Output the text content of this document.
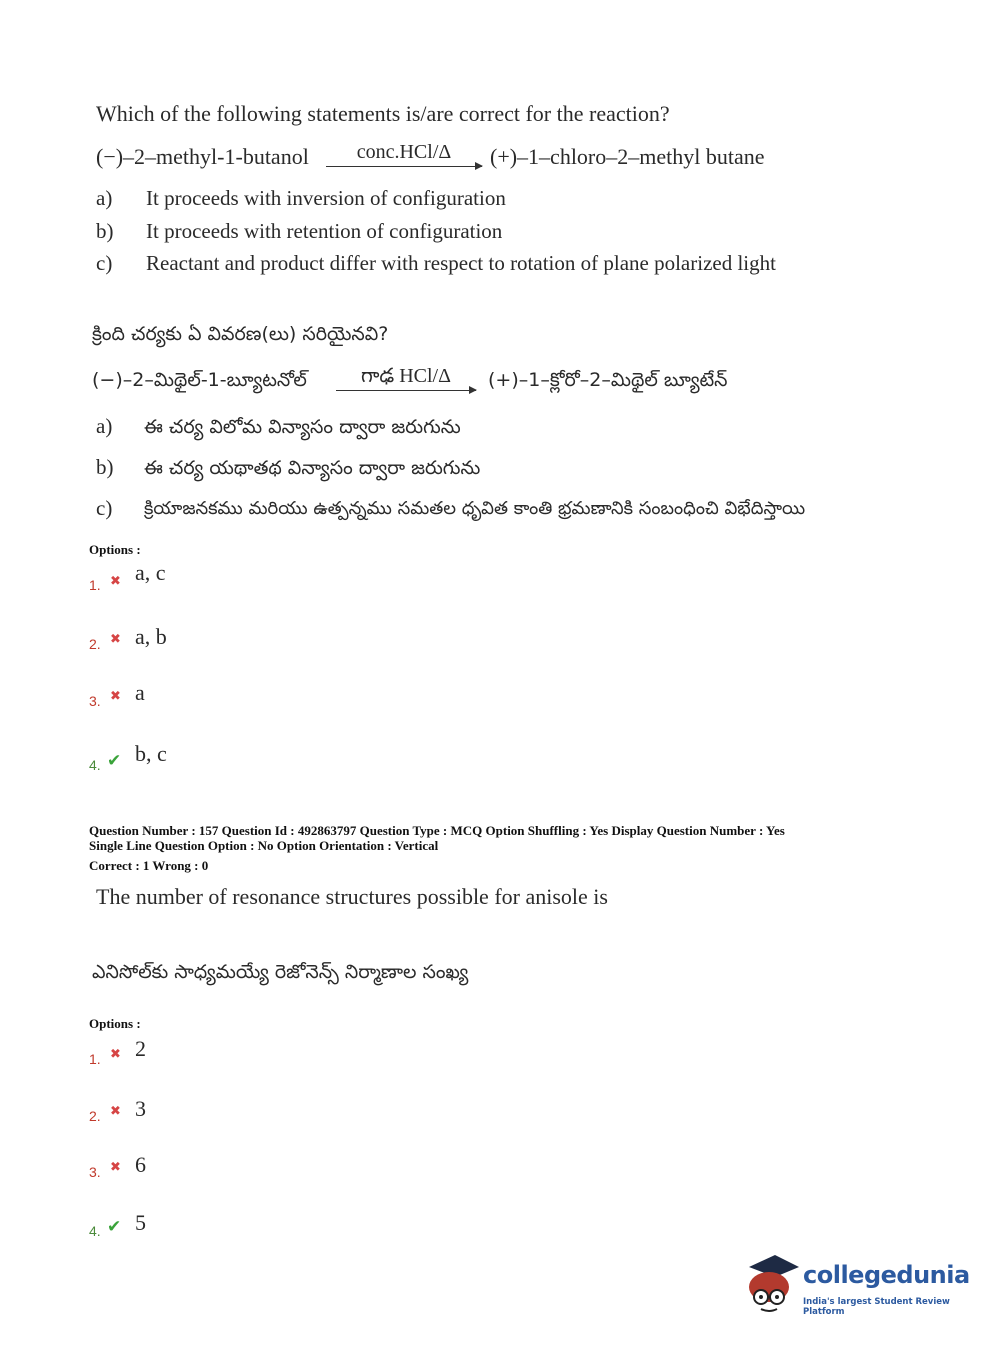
Which of the following statements is/are correct for the reaction?
(−)–2–methyl-1-butanol	conc.HCl/Δ	(+)–1–chloro–2–methyl butane
a) It proceeds with inversion of configuration
b) It proceeds with retention of configuration
c) Reactant and product differ with respect to rotation of plane polarized light
క్రింది చర్యకు ఏ వివరణ(లు) సరియైనవి?
(−)–2–మిథైల్-1-బ్యూటనోల్	గాఢ HCl/Δ	(+)–1–క్లోరో–2–మిథైల్ బ్యూటేన్
a) ఈ చర్య విలోమ విన్యాసం ద్వారా జరుగును
b) ఈ చర్య యథాతథ విన్యాసం ద్వారా జరుగును
c) క్రియాజనకము మరియు ఉత్పన్నము సమతల ధృవిత కాంతి భ్రమణానికి సంబంధించి విభేదిస్తాయి
Options :
1. ✖ a, c
2. ✖ a, b
3. ✖ a
4. ✔ b, c
Question Number : 157 Question Id : 492863797 Question Type : MCQ Option Shuffling : Yes Display Question Number : Yes
Single Line Question Option : No Option Orientation : Vertical
Correct : 1 Wrong : 0
The number of resonance structures possible for anisole is
ఎనిసోల్‌కు సాధ్యమయ్యే రెజోనెన్స్ నిర్మాణాల సంఖ్య
Options :
1. ✖ 2
2. ✖ 3
3. ✖ 6
4. ✔ 5
collegedunia
India's largest Student Review Platform
